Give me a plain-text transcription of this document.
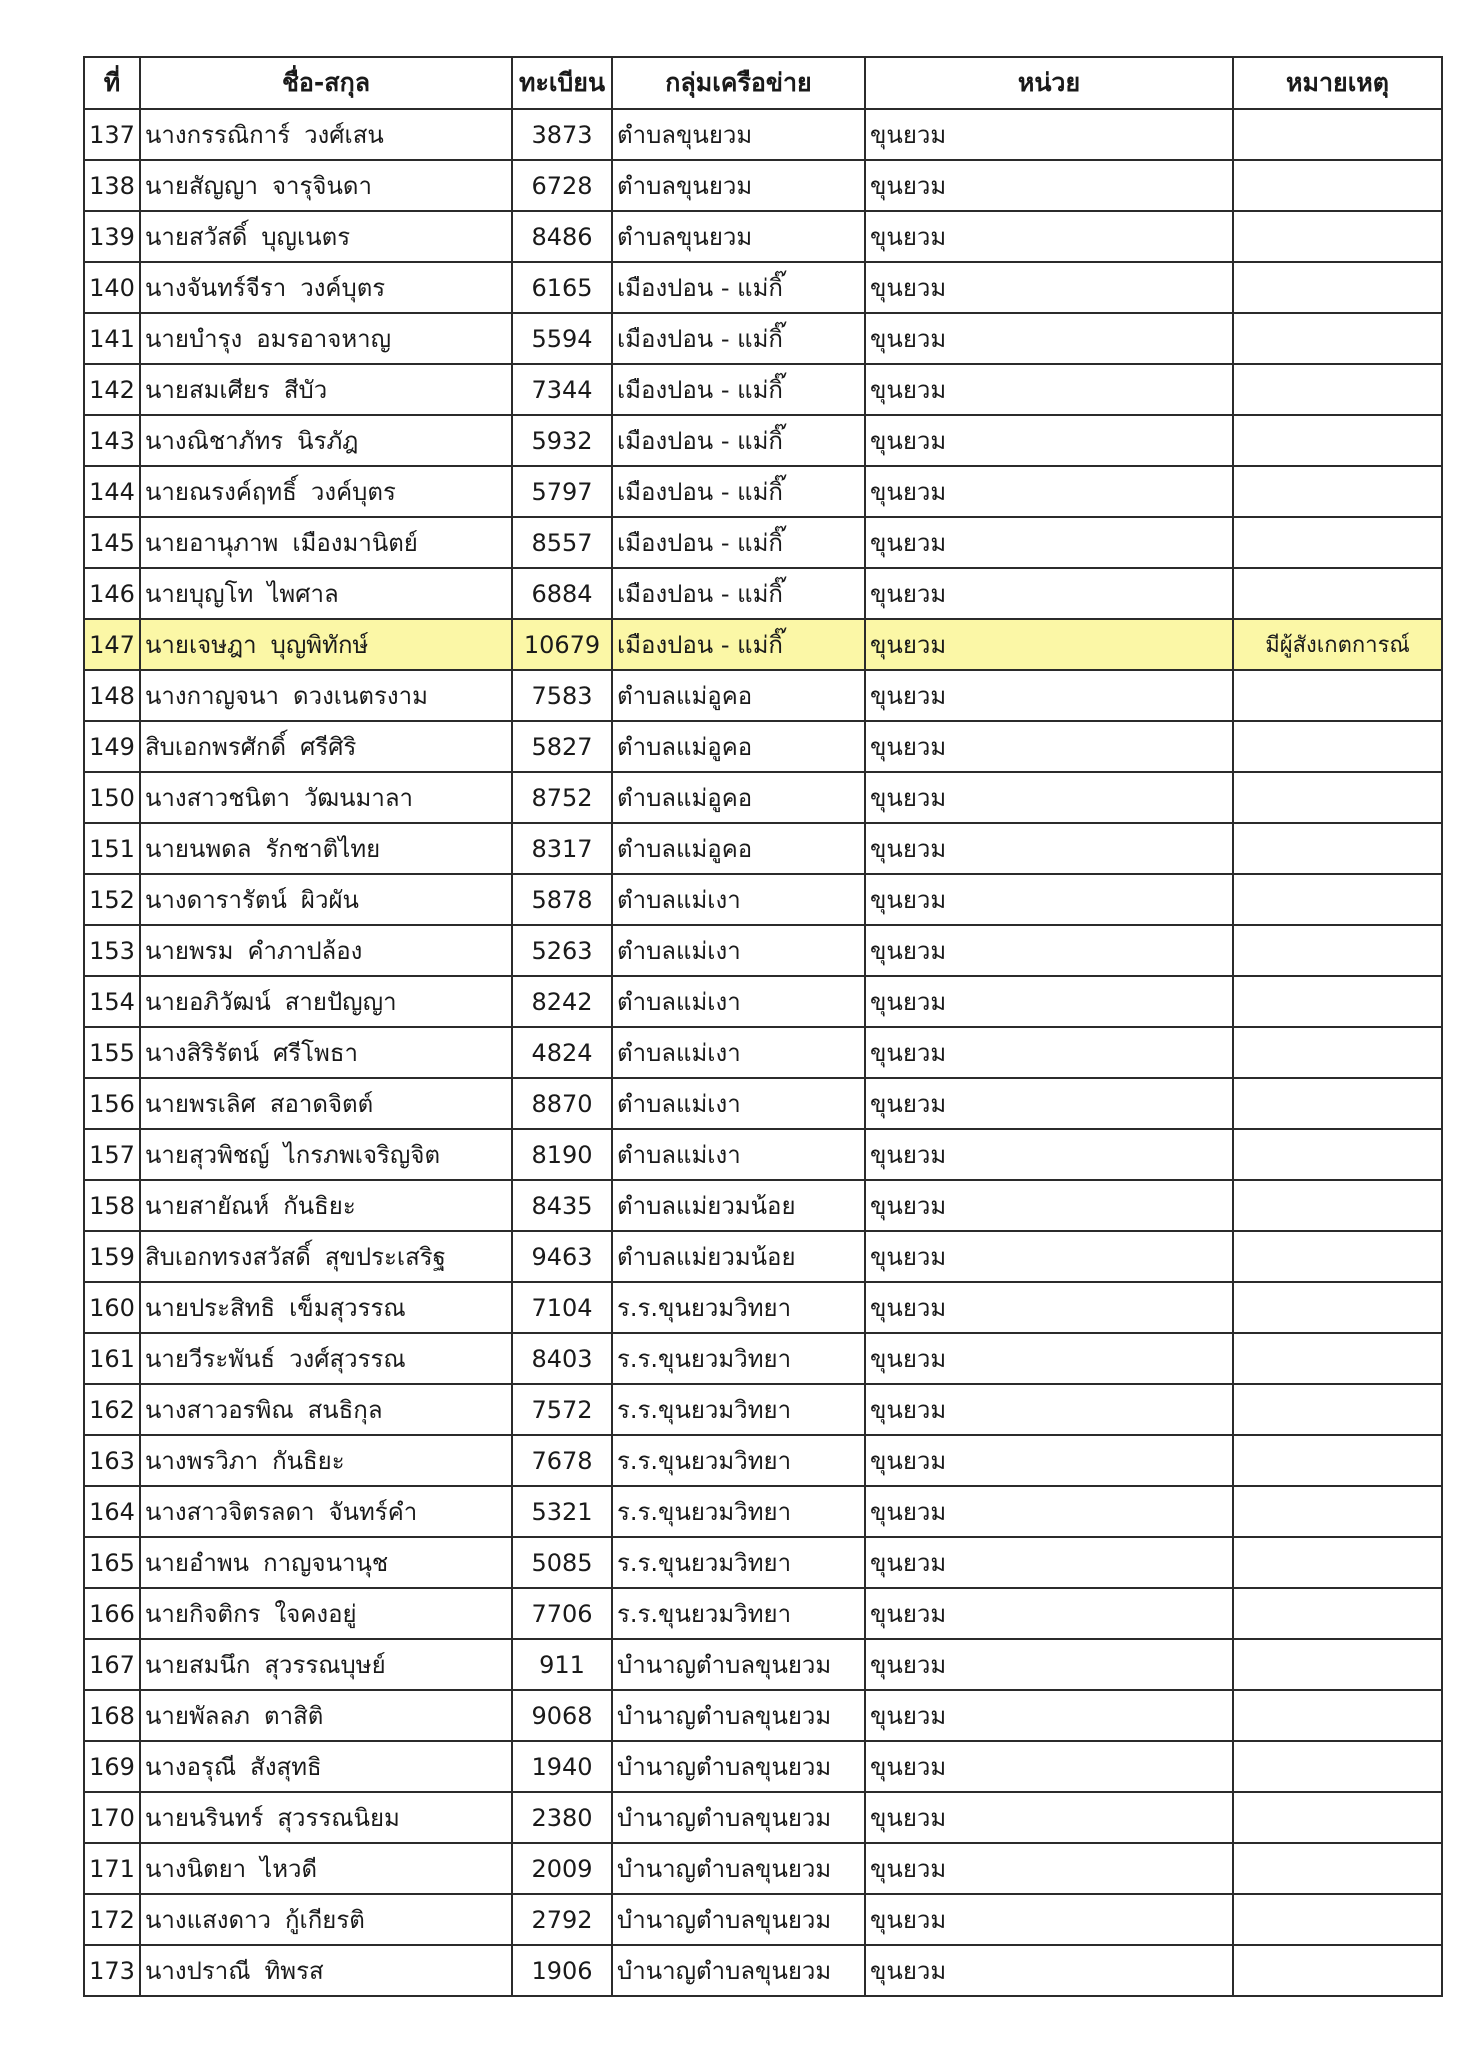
ที่	ชื่อ-สกุล	ทะเบียน	กลุ่มเครือข่าย	หน่วย	หมายเหตุ
137	นางกรรณิการ์ วงศ์เสน	3873	ตำบลขุนยวม	ขุนยวม	
138	นายสัญญา จารุจินดา	6728	ตำบลขุนยวม	ขุนยวม	
139	นายสวัสดิ์ บุญเนตร	8486	ตำบลขุนยวม	ขุนยวม	
140	นางจันทร์จีรา วงค์บุตร	6165	เมืองปอน - แม่กิ๊	ขุนยวม	
141	นายบำรุง อมรอาจหาญ	5594	เมืองปอน - แม่กิ๊	ขุนยวม	
142	นายสมเศียร สีบัว	7344	เมืองปอน - แม่กิ๊	ขุนยวม	
143	นางณิชาภัทร นิรภัฎ	5932	เมืองปอน - แม่กิ๊	ขุนยวม	
144	นายณรงค์ฤทธิ์ วงค์บุตร	5797	เมืองปอน - แม่กิ๊	ขุนยวม	
145	นายอานุภาพ เมืองมานิตย์	8557	เมืองปอน - แม่กิ๊	ขุนยวม	
146	นายบุญโท ไพศาล	6884	เมืองปอน - แม่กิ๊	ขุนยวม	
147	นายเจษฎา บุญพิทักษ์	10679	เมืองปอน - แม่กิ๊	ขุนยวม	มีผู้สังเกตการณ์
148	นางกาญจนา ดวงเนตรงาม	7583	ตำบลแม่อูคอ	ขุนยวม	
149	สิบเอกพรศักดิ์ ศรีศิริ	5827	ตำบลแม่อูคอ	ขุนยวม	
150	นางสาวชนิตา วัฒนมาลา	8752	ตำบลแม่อูคอ	ขุนยวม	
151	นายนพดล รักชาติไทย	8317	ตำบลแม่อูคอ	ขุนยวม	
152	นางดารารัตน์ ผิวผัน	5878	ตำบลแม่เงา	ขุนยวม	
153	นายพรม คำภาปล้อง	5263	ตำบลแม่เงา	ขุนยวม	
154	นายอภิวัฒน์ สายปัญญา	8242	ตำบลแม่เงา	ขุนยวม	
155	นางสิริรัตน์ ศรีโพธา	4824	ตำบลแม่เงา	ขุนยวม	
156	นายพรเลิศ สอาดจิตต์	8870	ตำบลแม่เงา	ขุนยวม	
157	นายสุวพิชญ์ ไกรภพเจริญจิต	8190	ตำบลแม่เงา	ขุนยวม	
158	นายสายัณห์ กันธิยะ	8435	ตำบลแม่ยวมน้อย	ขุนยวม	
159	สิบเอกทรงสวัสดิ์ สุขประเสริฐ	9463	ตำบลแม่ยวมน้อย	ขุนยวม	
160	นายประสิทธิ เข็มสุวรรณ	7104	ร.ร.ขุนยวมวิทยา	ขุนยวม	
161	นายวีระพันธ์ วงศ์สุวรรณ	8403	ร.ร.ขุนยวมวิทยา	ขุนยวม	
162	นางสาวอรพิณ สนธิกุล	7572	ร.ร.ขุนยวมวิทยา	ขุนยวม	
163	นางพรวิภา กันธิยะ	7678	ร.ร.ขุนยวมวิทยา	ขุนยวม	
164	นางสาวจิตรลดา จันทร์คำ	5321	ร.ร.ขุนยวมวิทยา	ขุนยวม	
165	นายอำพน กาญจนานุช	5085	ร.ร.ขุนยวมวิทยา	ขุนยวม	
166	นายกิจติกร ใจคงอยู่	7706	ร.ร.ขุนยวมวิทยา	ขุนยวม	
167	นายสมนึก สุวรรณบุษย์	911	บำนาญตำบลขุนยวม	ขุนยวม	
168	นายพัลลภ ตาสิติ	9068	บำนาญตำบลขุนยวม	ขุนยวม	
169	นางอรุณี สังสุทธิ	1940	บำนาญตำบลขุนยวม	ขุนยวม	
170	นายนรินทร์ สุวรรณนิยม	2380	บำนาญตำบลขุนยวม	ขุนยวม	
171	นางนิตยา ไหวดี	2009	บำนาญตำบลขุนยวม	ขุนยวม	
172	นางแสงดาว กู้เกียรติ	2792	บำนาญตำบลขุนยวม	ขุนยวม	
173	นางปราณี ทิพรส	1906	บำนาญตำบลขุนยวม	ขุนยวม	
